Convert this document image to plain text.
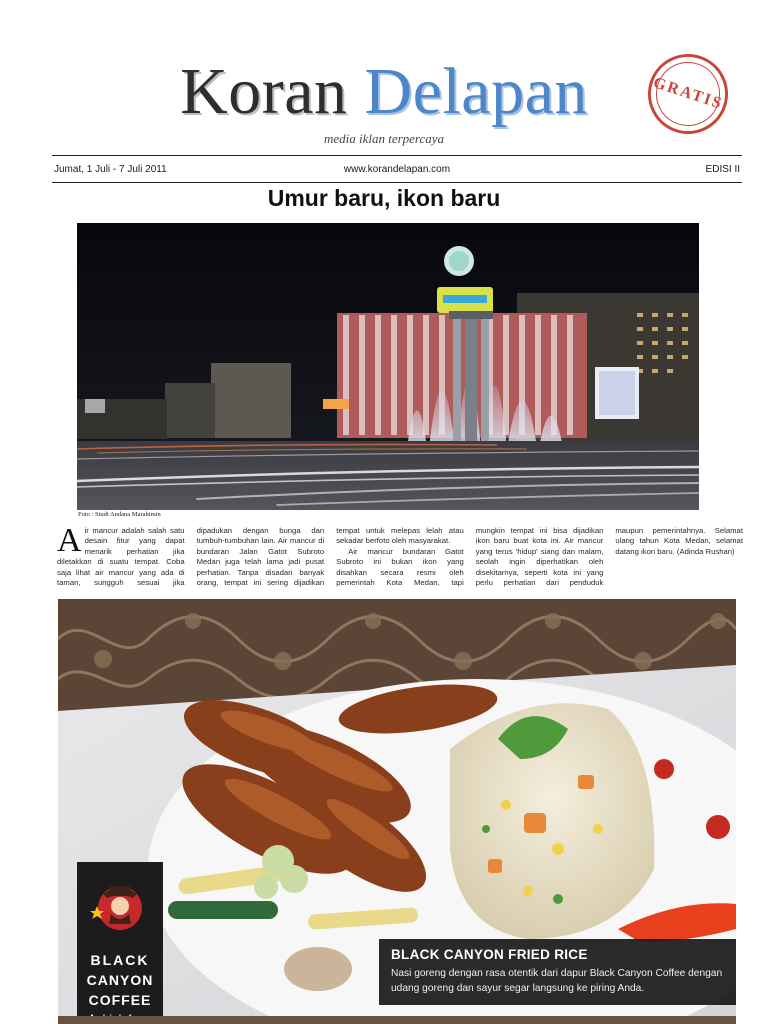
Koran Delapan	GRATIS
media iklan terpercaya
Jumat, 1 Juli - 7 Juli 2011	www.korandelapan.com	EDISI II
Umur baru, ikon baru
Foto : Studi Andana Marahimin

Air mancur adalah salah satu desain fitur yang dapat menarik perhatian jika diletakkan di suatu tempat. Coba saja lihat air mancur yang ada di taman, sungguh sesuai jika dipadukan dengan bunga dan tumbuh-tumbuhan lain. Air mancur di bundaran Jalan Gatot Subroto Medan juga telah lama jadi pusat perhatian. Tanpa disadari banyak orang, tempat ini sering dijadikan tempat untuk melepas lelah atau sekadar berfoto oleh masyarakat.

Air mancur bundaran Gatot Subroto ini bukan ikon yang disahkan secara resmi oleh pemerintah Kota Medan, tapi mungkin tempat ini bisa dijadikan ikon baru buat kota ini. Air mancur yang terus 'hidup' siang dan malam, seolah ingin diperhatikan oleh disekitarnya, seperti kota ini yang perlu perhatian dari penduduk maupun pemerintahnya. Selamat ulang tahun Kota Medan, selamat datang ikon baru. (Adinda Rushan)

BLACK
CANYON
COFFEE
BLACK CANYON FRIED RICE
Nasi goreng dengan rasa otentik dari dapur Black Canyon Coffee dengan udang goreng dan sayur segar langsung ke piring Anda.
